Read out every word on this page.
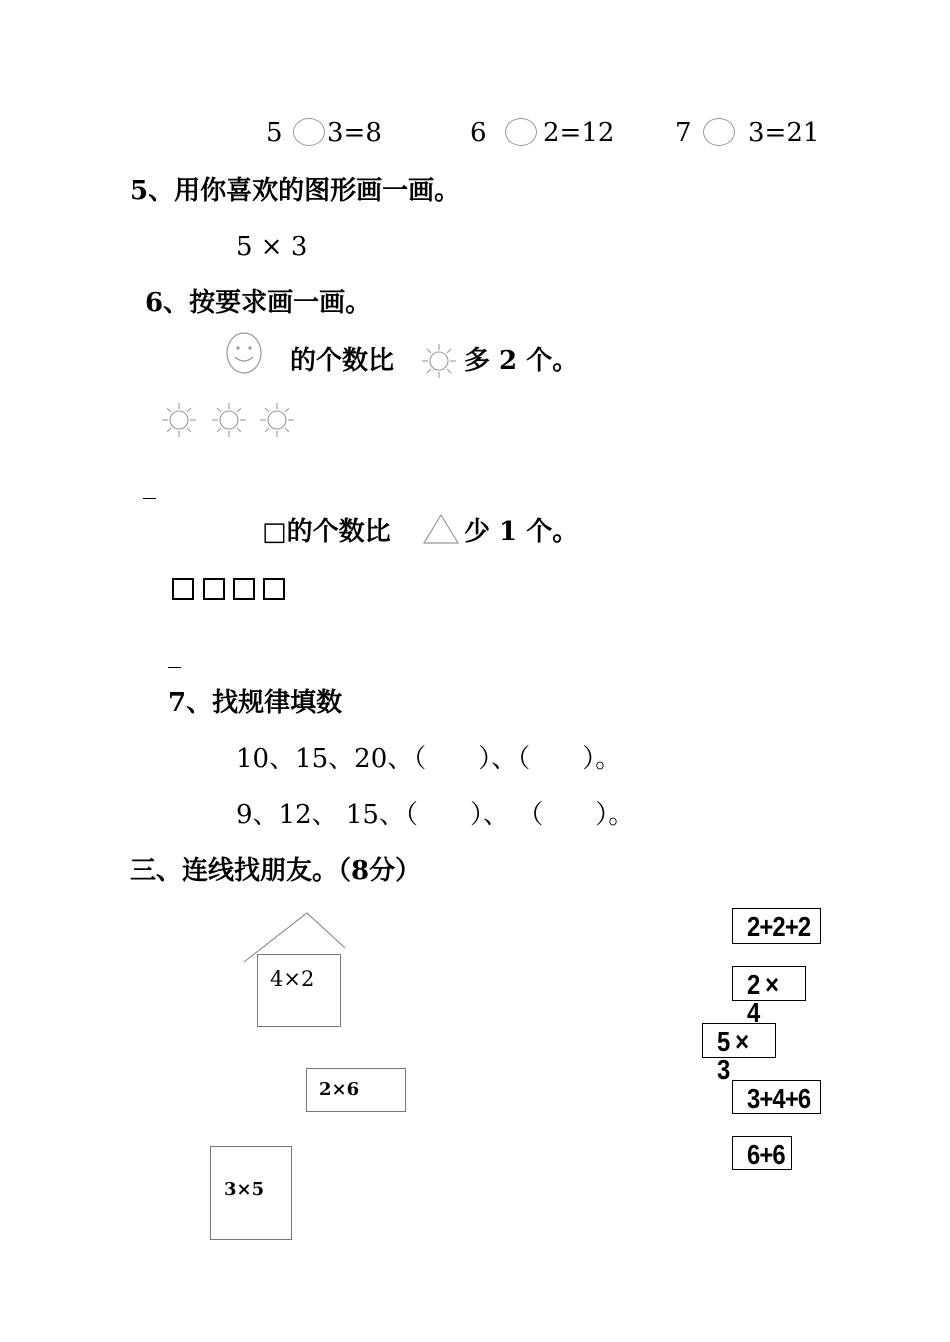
5 3=8	6 2=12 7 3=21
5、用你喜欢的图形画一画。
5 × 3
6、按要求画一画。
的个数比	多 2 个。
_
□的个数比	少 1 个。
_
7、找规律填数
10、15、20、（　　）、（　　）。
9、12、 15、（　　）、 （　　）。
三、连线找朋友。（8分）
4×2
2×6
3×5
2+2+2
2 × 4
5 × 3
3+4+6
6+6
